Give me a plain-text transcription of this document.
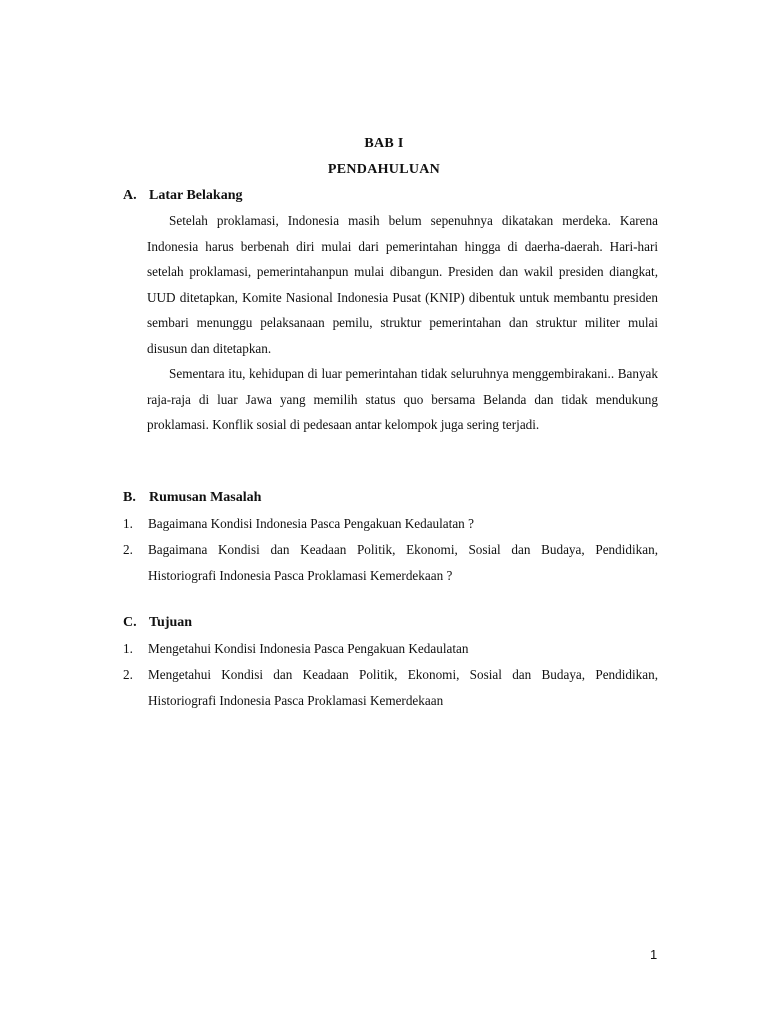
BAB I
PENDAHULUAN
A. Latar Belakang
Setelah proklamasi, Indonesia masih belum sepenuhnya dikatakan merdeka. Karena Indonesia harus berbenah diri mulai dari pemerintahan hingga di daerha-daerah. Hari-hari setelah proklamasi, pemerintahanpun mulai dibangun. Presiden dan wakil presiden diangkat, UUD ditetapkan, Komite Nasional Indonesia Pusat (KNIP) dibentuk untuk membantu presiden sembari menunggu pelaksanaan pemilu, struktur pemerintahan dan struktur militer mulai disusun dan ditetapkan.
Sementara itu, kehidupan di luar pemerintahan tidak seluruhnya menggembirakani.. Banyak raja-raja di luar Jawa yang memilih status quo bersama Belanda dan tidak mendukung proklamasi. Konflik sosial di pedesaan antar kelompok juga sering terjadi.
B. Rumusan Masalah
1.	Bagaimana Kondisi Indonesia Pasca Pengakuan Kedaulatan ?
2.	Bagaimana Kondisi dan Keadaan Politik, Ekonomi, Sosial dan Budaya, Pendidikan, Historiografi Indonesia Pasca Proklamasi Kemerdekaan ?
C. Tujuan
1.	Mengetahui Kondisi Indonesia Pasca Pengakuan Kedaulatan
2.	Mengetahui Kondisi dan Keadaan Politik, Ekonomi, Sosial dan Budaya, Pendidikan, Historiografi Indonesia Pasca Proklamasi Kemerdekaan
1
